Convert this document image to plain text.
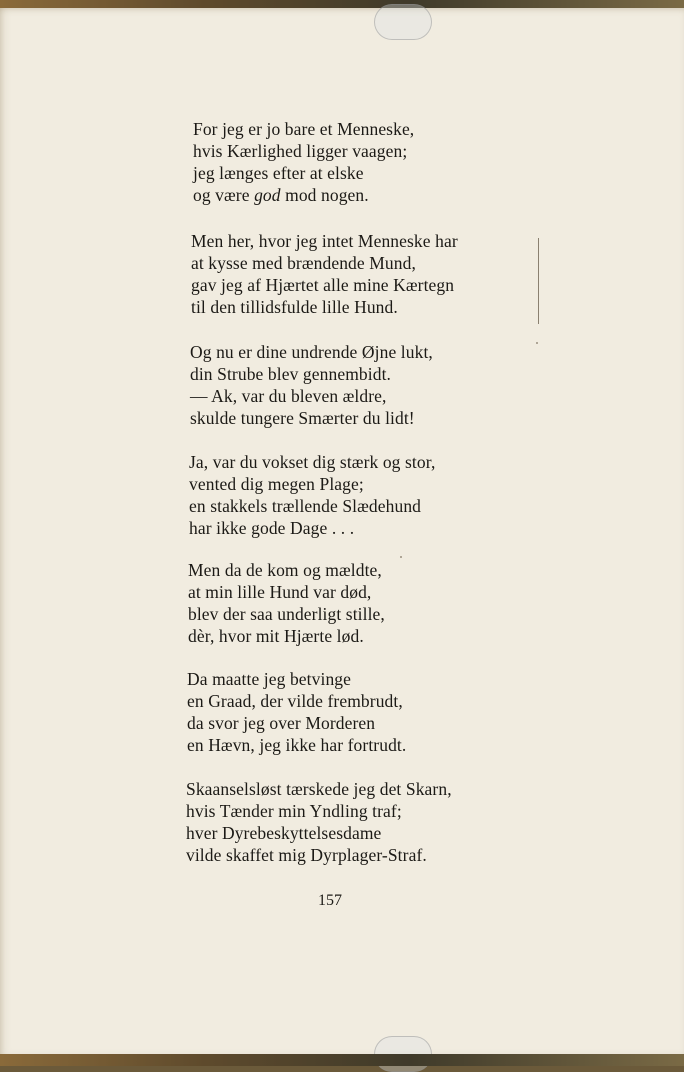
For jeg er jo bare et Menneske,
hvis Kærlighed ligger vaagen;
jeg længes efter at elske
og være god mod nogen.
Men her, hvor jeg intet Menneske har
at kysse med brændende Mund,
gav jeg af Hjærtet alle mine Kærtegn
til den tillidsfulde lille Hund.
Og nu er dine undrende Øjne lukt,
din Strube blev gennembidt.
— Ak, var du bleven ældre,
skulde tungere Smærter du lidt!
Ja, var du vokset dig stærk og stor,
vented dig megen Plage;
en stakkels trællende Slædehund
har ikke gode Dage . . .
Men da de kom og mældte,
at min lille Hund var død,
blev der saa underligt stille,
dèr, hvor mit Hjærte lød.
Da maatte jeg betvinge
en Graad, der vilde frembrudt,
da svor jeg over Morderen
en Hævn, jeg ikke har fortrudt.
Skaanselsløst tærskede jeg det Skarn,
hvis Tænder min Yndling traf;
hver Dyrebeskyttelsesdame
vilde skaffet mig Dyrplager-Straf.
157
